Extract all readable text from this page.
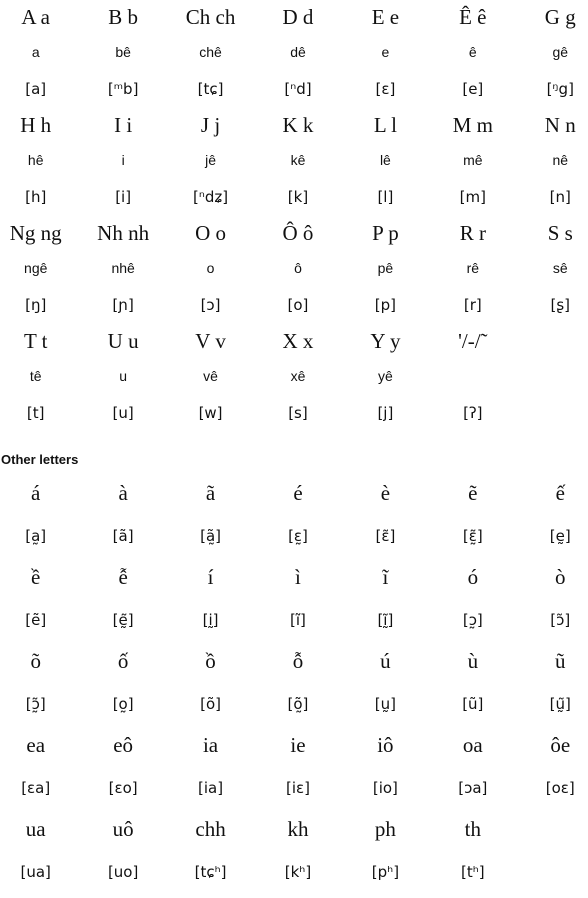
A a	B b	Ch ch	D d	E e	Ê ê	G g
a	bê	chê	dê	e	ê	gê
[a]	[ᵐb]	[tɕ]	[ⁿd]	[ɛ]	[e]	[ᵑg]
H h	I i	J j	K k	L l	M m	N n
hê	i	jê	kê	lê	mê	nê
[h]	[i]	[ⁿdʑ]	[k]	[l]	[m]	[n]
Ng ng	Nh nh	O o	Ô ô	P p	R r	S s
ngê	nhê	o	ô	pê	rê	sê
[ŋ]	[ɲ]	[ɔ]	[o]	[p]	[r]	[ʂ]
T t	U u	V v	X x	Y y	'/-/˜	
tê	u	vê	xê	yê		
[t]	[u]	[w]	[s]	[j]	[ʔ]	
Other letters
á	à	ã	é	è	ẽ	ế
[a̰]	[ã]	[ã̰]	[ɛ̰]	[ɛ̃]	[ɛ̰̃]	[ḛ]
ề	ễ	í	ì	ĩ	ó	ò
[ẽ]	[ḛ̃]	[ḭ]	[ĩ]	[ḭ̃]	[ɔ̰]	[ɔ̃]
õ	ố	ồ	ỗ	ú	ù	ũ
[ɔ̰̃]	[o̰]	[õ]	[õ̰]	[ṵ]	[ũ]	[ṵ̃]
ea	eô	ia	ie	iô	oa	ôe
[ɛa]	[ɛo]	[ia]	[iɛ]	[io]	[ɔa]	[oɛ]
ua	uô	chh	kh	ph	th	
[ua]	[uo]	[tɕʰ]	[kʰ]	[pʰ]	[tʰ]	
